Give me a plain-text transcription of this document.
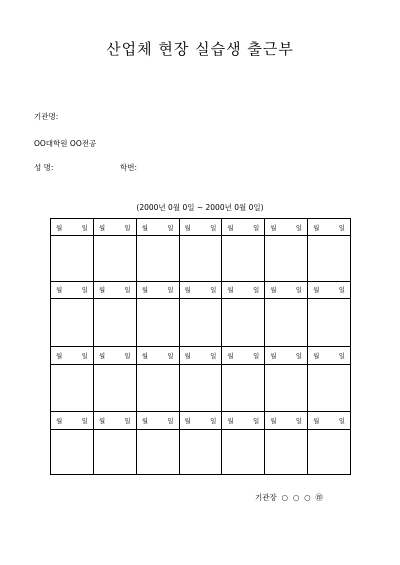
산업체 현장 실습생 출근부
기관명:
OO대학원 OO전공
성 명:	학번:
(2000년 0월 0일 ~ 2000년 0월 0일)
월 일	월 일	월 일	월 일	월 일	월 일	월 일

월 일	월 일	월 일	월 일	월 일	월 일	월 일

월 일	월 일	월 일	월 일	월 일	월 일	월 일

월 일	월 일	월 일	월 일	월 일	월 일	월 일

기관장  ○  ○  ○  ㊞
